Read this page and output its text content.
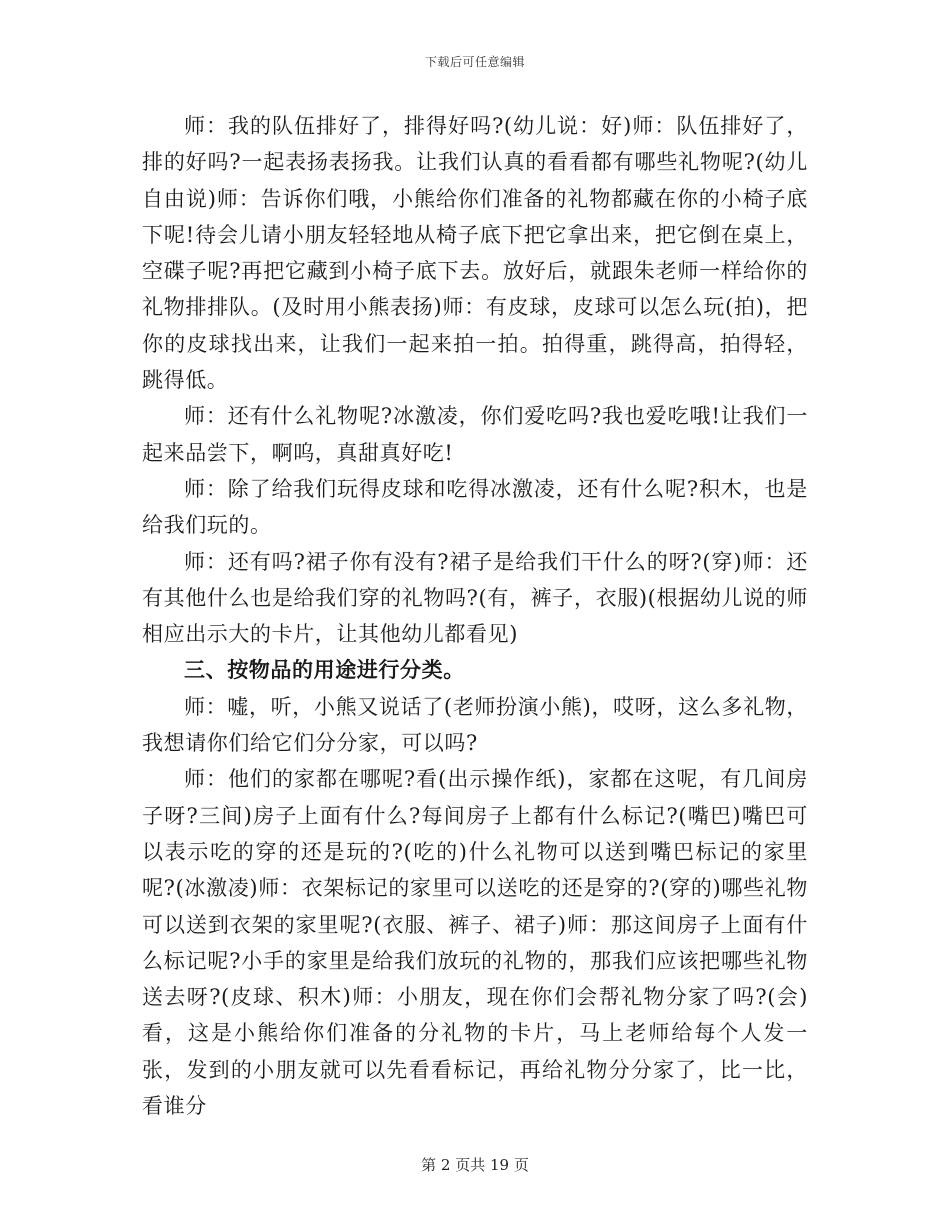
下载后可任意编辑

师：我的队伍排好了，排得好吗?(幼儿说：好)师：队伍排好了，排的好吗?一起表扬表扬我。让我们认真的看看都有哪些礼物呢?(幼儿自由说)师：告诉你们哦，小熊给你们准备的礼物都藏在你的小椅子底下呢!待会儿请小朋友轻轻地从椅子底下把它拿出来，把它倒在桌上，空碟子呢?再把它藏到小椅子底下去。放好后，就跟朱老师一样给你的礼物排排队。(及时用小熊表扬)师：有皮球，皮球可以怎么玩(拍)，把你的皮球找出来，让我们一起来拍一拍。拍得重，跳得高，拍得轻，跳得低。

师：还有什么礼物呢?冰激凌，你们爱吃吗?我也爱吃哦!让我们一起来品尝下，啊呜，真甜真好吃!

师：除了给我们玩得皮球和吃得冰激凌，还有什么呢?积木，也是给我们玩的。

师：还有吗?裙子你有没有?裙子是给我们干什么的呀?(穿)师：还有其他什么也是给我们穿的礼物吗?(有，裤子，衣服)(根据幼儿说的师相应出示大的卡片，让其他幼儿都看见)

三、按物品的用途进行分类。

师：嘘，听，小熊又说话了(老师扮演小熊)，哎呀，这么多礼物，我想请你们给它们分分家，可以吗?

师：他们的家都在哪呢?看(出示操作纸)，家都在这呢，有几间房子呀?三间)房子上面有什么?每间房子上都有什么标记?(嘴巴)嘴巴可以表示吃的穿的还是玩的?(吃的)什么礼物可以送到嘴巴标记的家里呢?(冰激凌)师：衣架标记的家里可以送吃的还是穿的?(穿的)哪些礼物可以送到衣架的家里呢?(衣服、裤子、裙子)师：那这间房子上面有什么标记呢?小手的家里是给我们放玩的礼物的，那我们应该把哪些礼物送去呀?(皮球、积木)师：小朋友，现在你们会帮礼物分家了吗?(会)看，这是小熊给你们准备的分礼物的卡片，马上老师给每个人发一张，发到的小朋友就可以先看看标记，再给礼物分分家了，比一比，看谁分

第 2 页共 19 页
